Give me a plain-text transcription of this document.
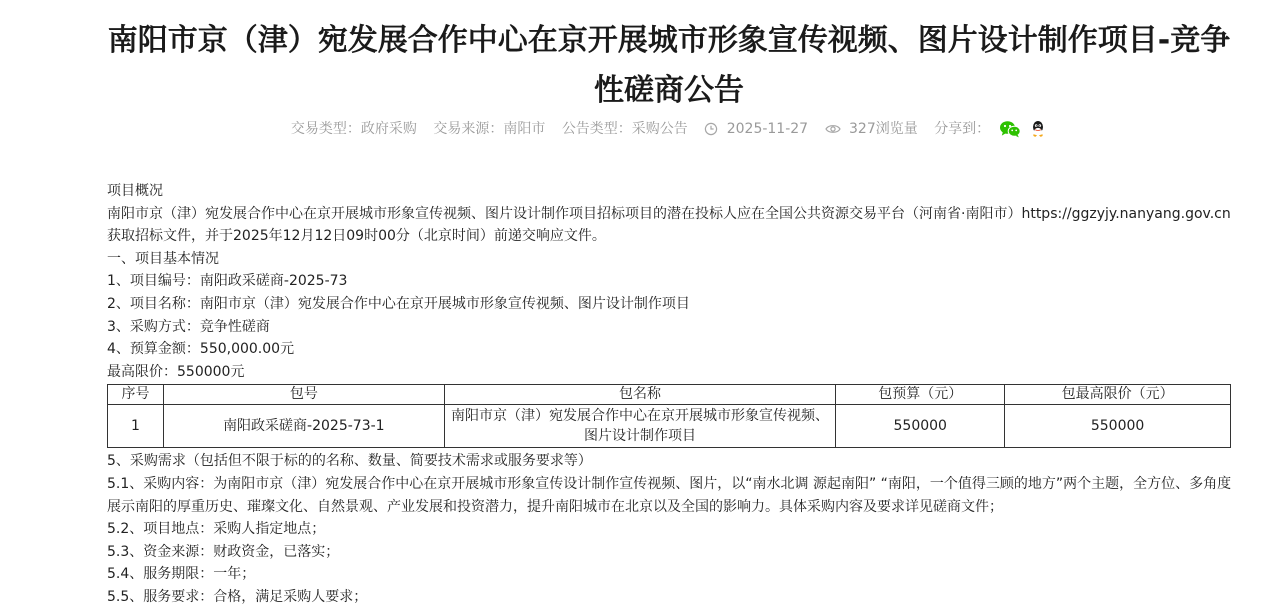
南阳市京（津）宛发展合作中心在京开展城市形象宣传视频、图片设计制作项目-竞争性磋商公告
交易类型：政府采购 交易来源：南阳市 公告类型：采购公告	2025-11-27	327浏览量 分享到：

项目概况

南阳市京（津）宛发展合作中心在京开展城市形象宣传视频、图片设计制作项目招标项目的潜在投标人应在全国公共资源交易平台（河南省·南阳市）https://ggzyjy.nanyang.gov.cn
获取招标文件，并于2025年12月12日09时00分（北京时间）前递交响应文件。

一、项目基本情况

1、项目编号：南阳政采磋商-2025-73

2、项目名称：南阳市京（津）宛发展合作中心在京开展城市形象宣传视频、图片设计制作项目

3、采购方式：竞争性磋商

4、预算金额：550,000.00元

最高限价：550000元

序号	包号	包名称	包预算（元）	包最高限价（元）
1	南阳政采磋商-2025-73-1	南阳市京（津）宛发展合作中心在京开展城市形象宣传视频、图片设计制作项目	550000	550000

5、采购需求（包括但不限于标的的名称、数量、简要技术需求或服务要求等）

5.1、采购内容：为南阳市京（津）宛发展合作中心在京开展城市形象宣传设计制作宣传视频、图片，以“南水北调 源起南阳” “南阳，一个值得三顾的地方”两个主题，全方位、多角度展示南阳的厚重历史、璀璨文化、自然景观、产业发展和投资潜力，提升南阳城市在北京以及全国的影响力。具体采购内容及要求详见磋商文件；

5.2、项目地点：采购人指定地点；

5.3、资金来源：财政资金，已落实；

5.4、服务期限：一年；

5.5、服务要求：合格，满足采购人要求；
